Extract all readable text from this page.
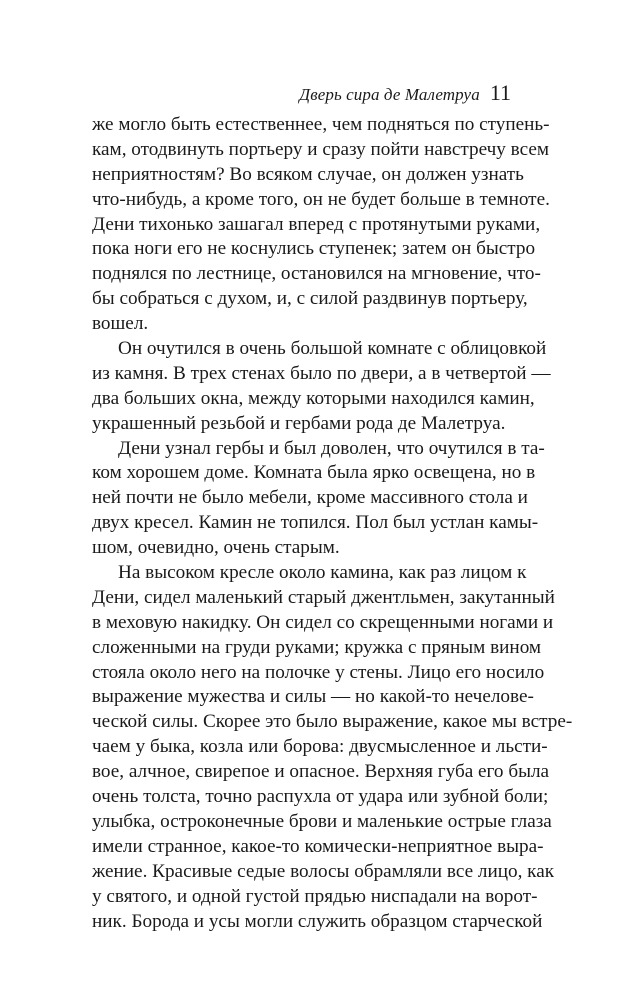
Дверь сира де Малетруа 11
же могло быть естественнее, чем подняться по ступень-
кам, отодвинуть портьеру и сразу пойти навстречу всем
неприятностям? Во всяком случае, он должен узнать
что-нибудь, а кроме того, он не будет больше в темноте.
Дени тихонько зашагал вперед с протянутыми руками,
пока ноги его не коснулись ступенек; затем он быстро
поднялся по лестнице, остановился на мгновение, что-
бы собраться с духом, и, с силой раздвинув портьеру,
вошел.
Он очутился в очень большой комнате с облицовкой
из камня. В трех стенах было по двери, а в четвертой —
два больших окна, между которыми находился камин,
украшенный резьбой и гербами рода де Малетруа.
Дени узнал гербы и был доволен, что очутился в та-
ком хорошем доме. Комната была ярко освещена, но в
ней почти не было мебели, кроме массивного стола и
двух кресел. Камин не топился. Пол был устлан камы-
шом, очевидно, очень старым.
На высоком кресле около камина, как раз лицом к
Дени, сидел маленький старый джентльмен, закутанный
в меховую накидку. Он сидел со скрещенными ногами и
сложенными на груди руками; кружка с пряным вином
стояла около него на полочке у стены. Лицо его носило
выражение мужества и силы — но какой-то нечелове-
ческой силы. Скорее это было выражение, какое мы встре-
чаем у быка, козла или борова: двусмысленное и льсти-
вое, алчное, свирепое и опасное. Верхняя губа его была
очень толста, точно распухла от удара или зубной боли;
улыбка, остроконечные брови и маленькие острые глаза
имели странное, какое-то комически-неприятное выра-
жение. Красивые седые волосы обрамляли все лицо, как
у святого, и одной густой прядью ниспадали на ворот-
ник. Борода и усы могли служить образцом старческой
